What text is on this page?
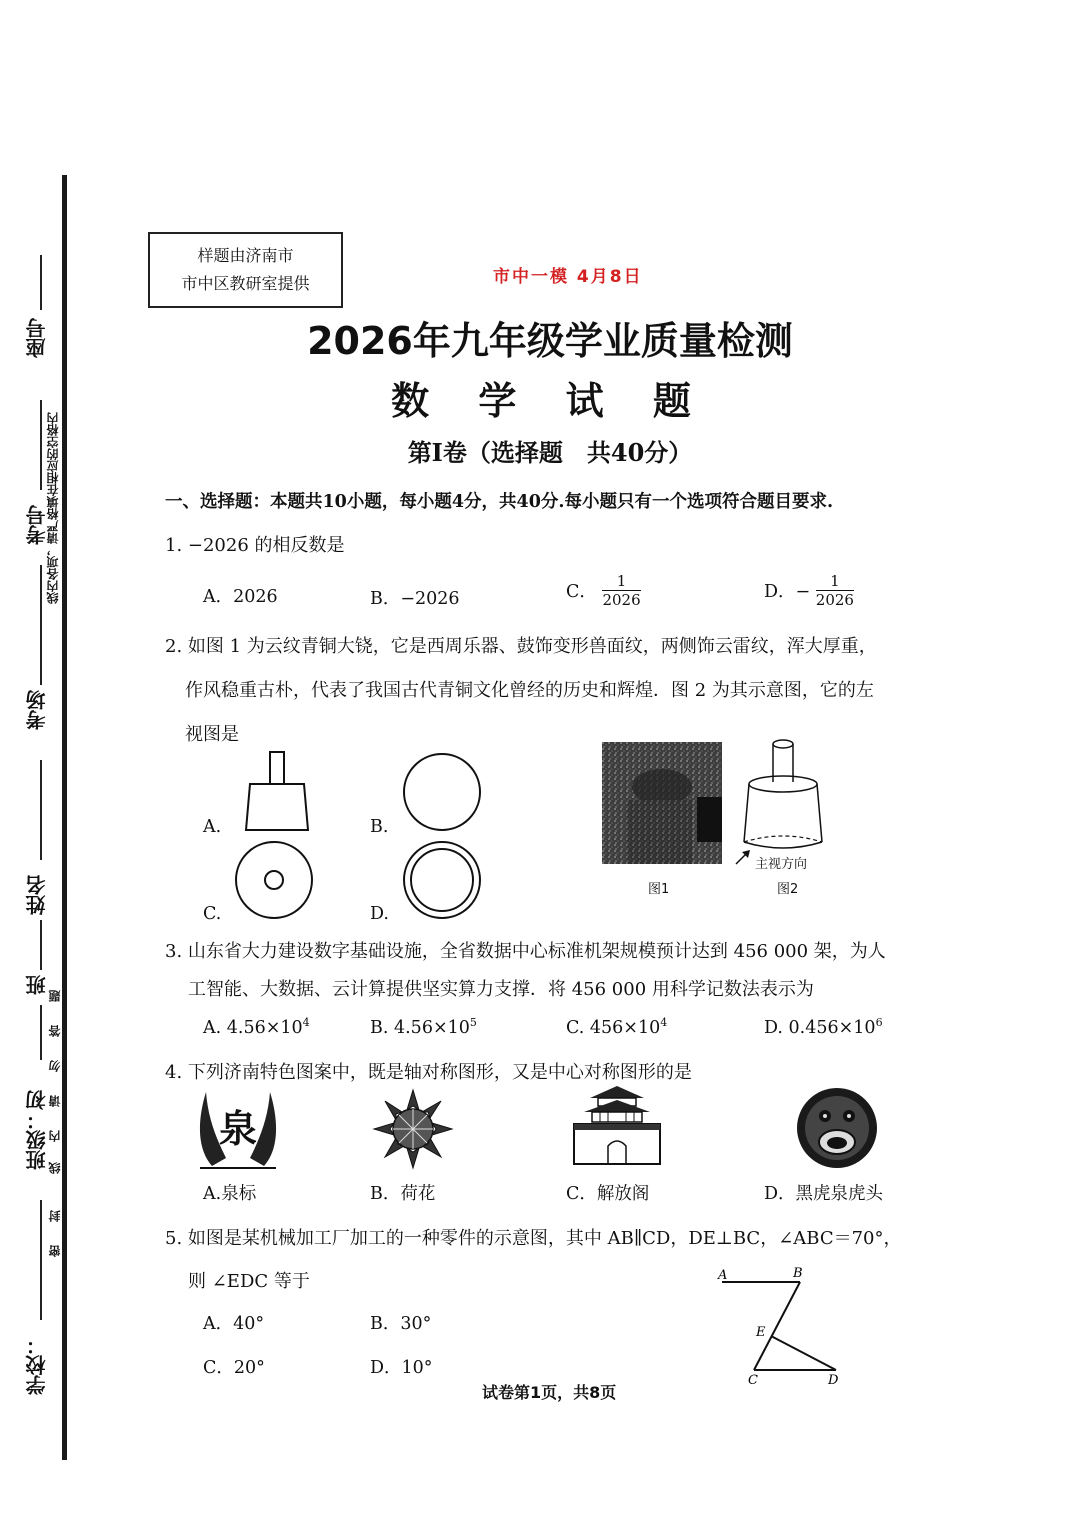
座号
考号
线内各项，请严格填在相应的空格内
考场
姓名
班
题
答
勿
请
内
线
封
密
班级：初
学校：
样题由济南市
市中区教研室提供	市中一模 4月8日
2026年九年级学业质量检测
数 学 试 题
第Ⅰ卷（选择题　共40分）
一、选择题：本题共10小题，每小题4分，共40分.每小题只有一个选项符合题目要求.
1. −2026 的相反数是
A．2026	B．−2026	C． $\frac{1}{2026}$	D．− $\frac{1}{2026}$
2. 如图 1 为云纹青铜大铙，它是西周乐器、鼓饰变形兽面纹，两侧饰云雷纹，浑大厚重，
作风稳重古朴，代表了我国古代青铜文化曾经的历史和辉煌．图 2 为其示意图，它的左
视图是
A.	B.
C.	D.
图1
主视方向
图2
3. 山东省大力建设数字基础设施，全省数据中心标准机架规模预计达到 456 000 架，为人
工智能、大数据、云计算提供坚实算力支撑．将 456 000 用科学记数法表示为
A. $4.56\times 10^4$	B. $4.56\times 10^5$	C. $456\times 10^4$	D. $0.456\times 10^6$
4. 下列济南特色图案中，既是轴对称图形，又是中心对称图形的是
泉
A.泉标	B．荷花	C．解放阁	D．黑虎泉虎头
5. 如图是某机械加工厂加工的一种零件的示意图，其中 AB∥CD，DE⊥BC，∠ABC＝70°，
则 ∠EDC 等于
A．40°	B．30°
C．20°	D．10°
A	B
E
C	D
试卷第1页，共8页
